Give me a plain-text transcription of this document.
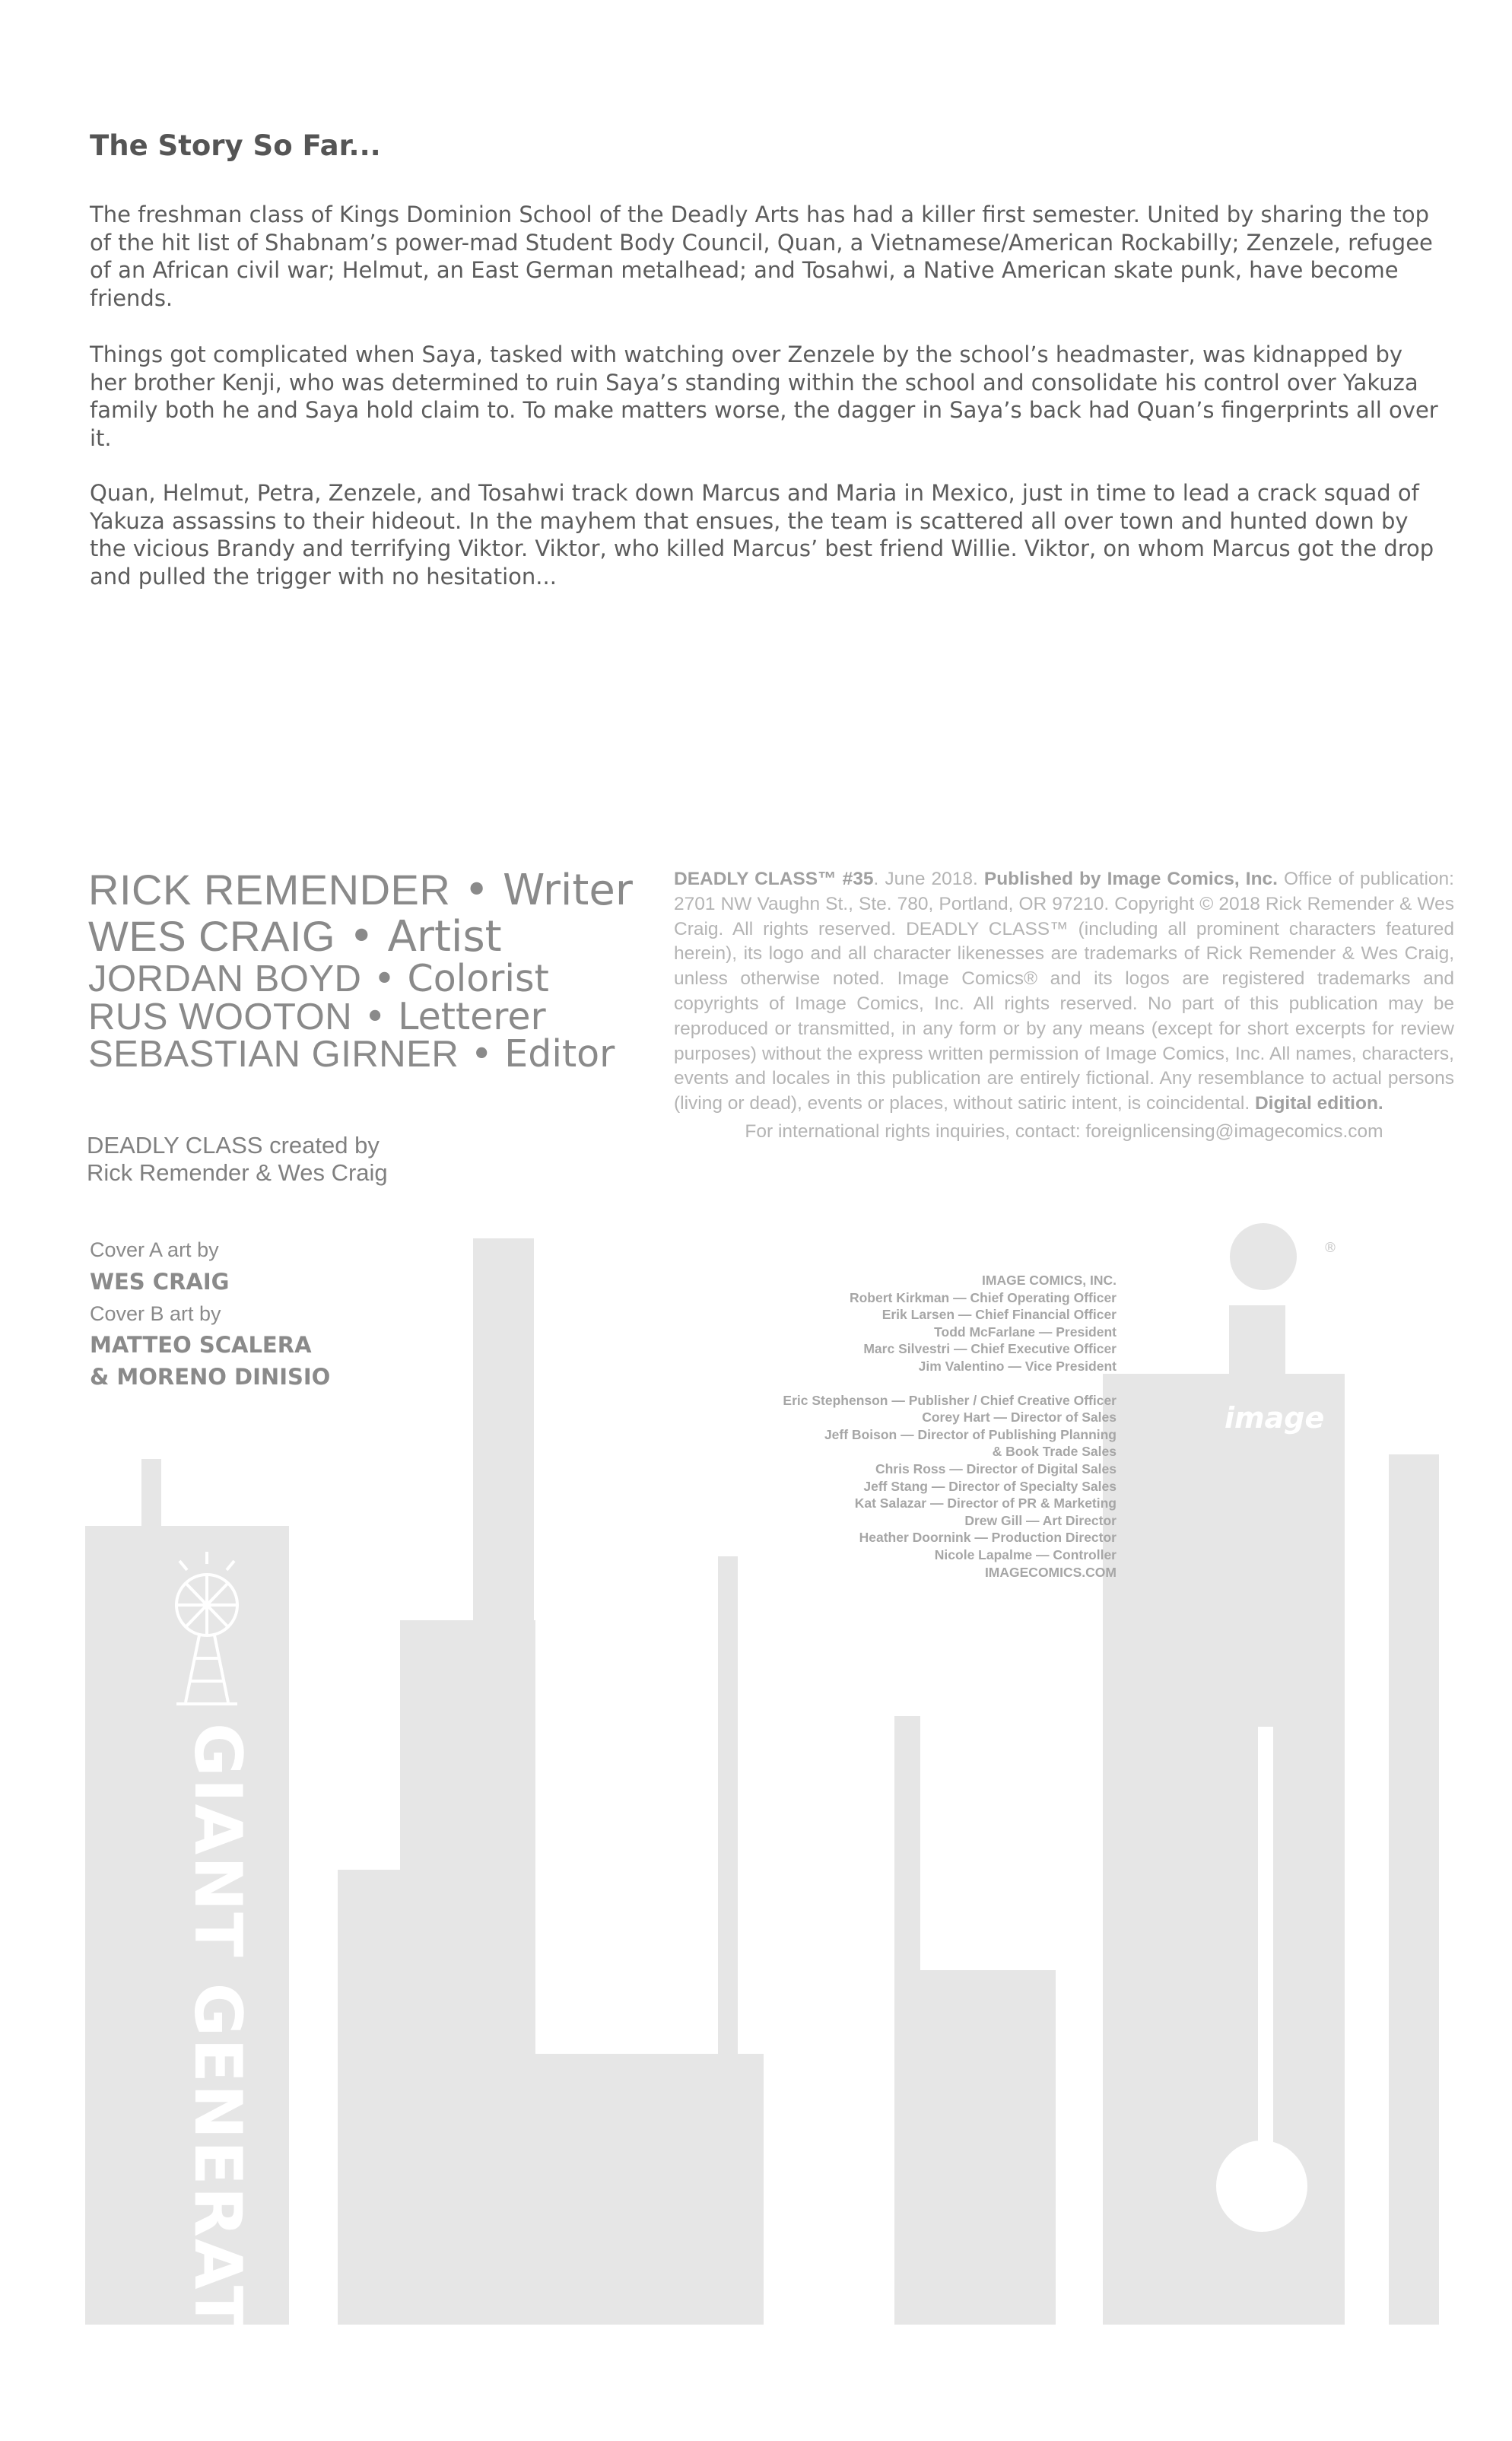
The Story So Far...

The freshman class of Kings Dominion School of the Deadly Arts has had a killer first semester. United by sharing the top of the hit list of Shabnam’s power-mad Student Body Council, Quan, a Vietnamese/American Rockabilly; Zenzele, refugee of an African civil war; Helmut, an East German metalhead; and Tosahwi, a Native American skate punk, have become friends.

Things got complicated when Saya, tasked with watching over Zenzele by the school’s headmaster, was kidnapped by her brother Kenji, who was determined to ruin Saya’s standing within the school and consolidate his control over Yakuza family both he and Saya hold claim to. To make matters worse, the dagger in Saya’s back had Quan’s fingerprints all over it.

Quan, Helmut, Petra, Zenzele, and Tosahwi track down Marcus and Maria in Mexico, just in time to lead a crack squad of Yakuza assassins to their hideout. In the mayhem that ensues, the team is scattered all over town and hunted down by the vicious Brandy and terrifying Viktor. Viktor, who killed Marcus’ best friend Willie. Viktor, on whom Marcus got the drop and pulled the trigger with no hesitation...

GIANT GENERATOR
RICK REMENDER • Writer
WES CRAIG • Artist
JORDAN BOYD • Colorist
RUS WOOTON • Letterer
SEBASTIAN GIRNER • Editor
DEADLY CLASS created by
Rick Remender & Wes Craig
Cover A art by
WES CRAIG
Cover B art by
MATTEO SCALERA
& MORENO DINISIO

DEADLY CLASS™ #35. June 2018. Published by Image Comics, Inc. Office of publication: 2701 NW Vaughn St., Ste. 780, Portland, OR 97210. Copyright © 2018 Rick Remender & Wes Craig. All rights reserved. DEADLY CLASS™ (including all prominent characters featured herein), its logo and all character likenesses are trademarks of Rick Remender & Wes Craig, unless otherwise noted. Image Comics® and its logos are registered trademarks and copyrights of Image Comics, Inc. All rights reserved. No part of this publication may be reproduced or transmitted, in any form or by any means (except for short excerpts for review purposes) without the express written permission of Image Comics, Inc. All names, characters, events and locales in this publication are entirely fictional. Any resemblance to actual persons (living or dead), events or places, without satiric intent, is coincidental. Digital edition.

For international rights inquiries, contact: foreignlicensing@imagecomics.com
IMAGE COMICS, INC.
Robert Kirkman — Chief Operating Officer
Erik Larsen — Chief Financial Officer
Todd McFarlane — President
Marc Silvestri — Chief Executive Officer
Jim Valentino — Vice President
Eric Stephenson — Publisher / Chief Creative Officer
Corey Hart — Director of Sales
Jeff Boison — Director of Publishing Planning
& Book Trade Sales
Chris Ross — Director of Digital Sales
Jeff Stang — Director of Specialty Sales
Kat Salazar — Director of PR & Marketing
Drew Gill — Art Director
Heather Doornink — Production Director
Nicole Lapalme — Controller
IMAGECOMICS.COM
image
®
